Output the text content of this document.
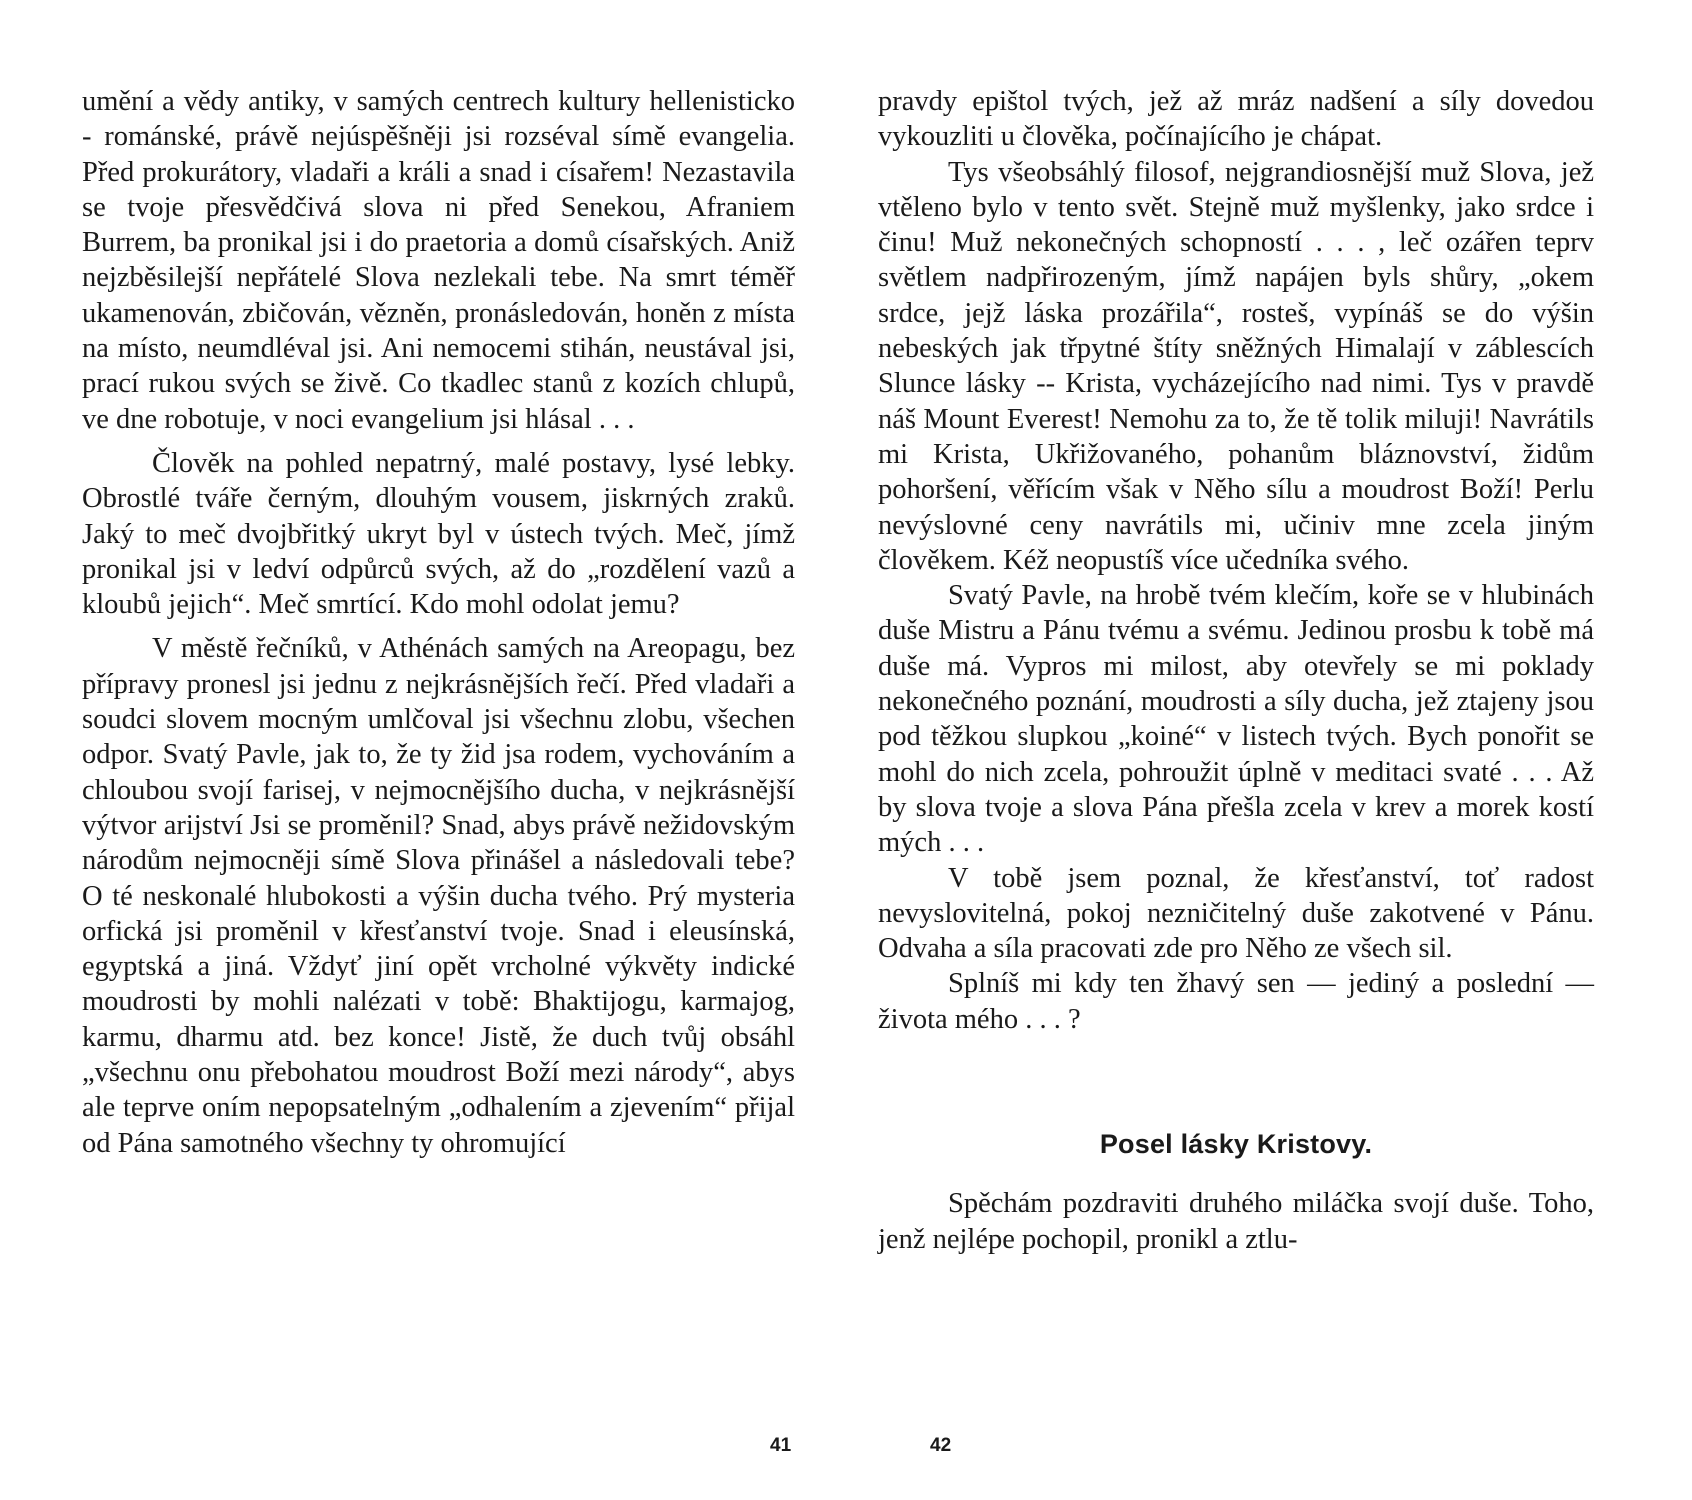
umění a vědy antiky, v samých centrech kultury hellenisticko - románské, právě nejúspěšněji jsi rozséval símě evangelia. Před prokurátory, vladaři a králi a snad i císařem! Nezastavila se tvoje přesvědčivá slova ni před Senekou, Afraniem Burrem, ba pronikal jsi i do praetoria a domů císařských. Aniž nejzběsilejší nepřátelé Slova nezlekali tebe. Na smrt téměř ukamenován, zbičován, vězněn, pronásledován, honěn z místa na místo, neumdléval jsi. Ani nemocemi stihán, neustával jsi, prací rukou svých se živě. Co tkadlec stanů z kozích chlupů, ve dne robotuje, v noci evangelium jsi hlásal . . .

Člověk na pohled nepatrný, malé postavy, lysé lebky. Obrostlé tváře černým, dlouhým vousem, jiskrných zraků. Jaký to meč dvojbřitký ukryt byl v ústech tvých. Meč, jímž pronikal jsi v ledví odpůrců svých, až do „rozdělení vazů a kloubů jejich“. Meč smrtící. Kdo mohl odolat jemu?

V městě řečníků, v Athénách samých na Areopagu, bez přípravy pronesl jsi jednu z nejkrásnějších řečí. Před vladaři a soudci slovem mocným umlčoval jsi všechnu zlobu, všechen odpor. Svatý Pavle, jak to, že ty žid jsa rodem, vychováním a chloubou svojí farisej, v nejmocnějšího ducha, v nejkrásnější výtvor arijství Jsi se proměnil? Snad, abys právě nežidovským národům nejmocněji símě Slova přinášel a následovali tebe? O té neskonalé hlubokosti a výšin ducha tvého. Prý mysteria orfická jsi proměnil v křesťanství tvoje. Snad i eleusínská, egyptská a jiná. Vždyť jiní opět vrcholné výkvěty indické moudrosti by mohli nalézati v tobě: Bhaktijogu, karmajog, karmu, dharmu atd. bez konce! Jistě, že duch tvůj obsáhl „všechnu onu přebohatou moudrost Boží mezi národy“, abys ale teprve oním nepopsatelným „odhalením a zjevením“ přijal od Pána samotného všechny ty ohromující

41

pravdy epištol tvých, jež až mráz nadšení a síly dovedou vykouzliti u člověka, počínajícího je chápat.

Tys všeobsáhlý filosof, nejgrandiosnější muž Slova, jež vtěleno bylo v tento svět. Stejně muž myšlenky, jako srdce i činu! Muž nekonečných schopností . . . , leč ozářen teprv světlem nadpřirozeným, jímž napájen byls shůry, „okem srdce, jejž láska prozářila“, rosteš, vypínáš se do výšin nebeských jak třpytné štíty sněžných Himalají v záblescích Slunce lásky -- Krista, vycházejícího nad nimi. Tys v pravdě náš Mount Everest! Nemohu za to, že tě tolik miluji! Navrátils mi Krista, Ukřižovaného, pohanům bláznovství, židům pohoršení, věřícím však v Něho sílu a moudrost Boží! Perlu nevýslovné ceny navrátils mi, učiniv mne zcela jiným člověkem. Kéž neopustíš více učedníka svého.

Svatý Pavle, na hrobě tvém klečím, koře se v hlubinách duše Mistru a Pánu tvému a svému. Jedinou prosbu k tobě má duše má. Vypros mi milost, aby otevřely se mi poklady nekonečného poznání, moudrosti a síly ducha, jež ztajeny jsou pod těžkou slupkou „koiné“ v listech tvých. Bych ponořit se mohl do nich zcela, pohroužit úplně v meditaci svaté . . . Až by slova tvoje a slova Pána přešla zcela v krev a morek kostí mých . . .

V tobě jsem poznal, že křesťanství, toť radost nevyslovitelná, pokoj nezničitelný duše zakotvené v Pánu. Odvaha a síla pracovati zde pro Něho ze všech sil.

Splníš mi kdy ten žhavý sen — jediný a poslední — života mého . . . ?

Posel lásky Kristovy.

Spěchám pozdraviti druhého miláčka svojí duše. Toho, jenž nejlépe pochopil, pronikl a ztlu-

42
